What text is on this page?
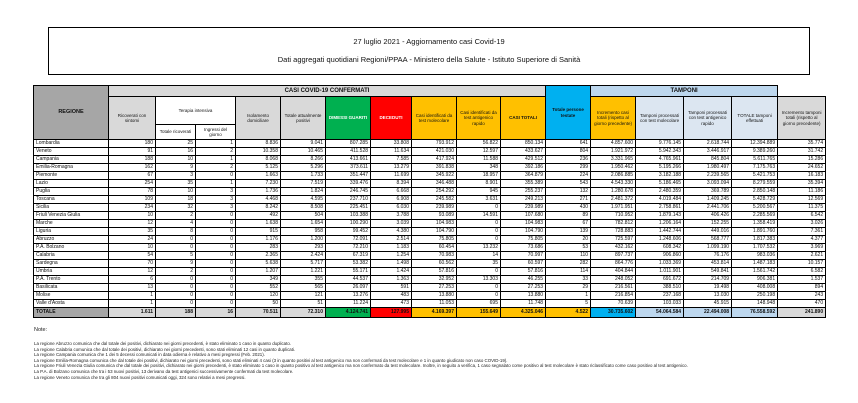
27 luglio 2021 - Aggiornamento casi Covid-19
Dati aggregati quotidiani Regioni/PPAA - Ministero della Salute - Istituto Superiore di Sanità
REGIONE	CASI COVID-19 CONFERMATI										Totale persone testate	TAMPONI				
	Ricoverati con sintomi	Terapia intensiva		Isolamento domiciliare	Totale attualmente positivi	DIMESSI GUARITI	DECEDUTI	Casi identificati da test molecolare	Casi identificati da test antigenico rapido	CASI TOTALI		Incremento casi totali (rispetto al giorno precedente)	Tamponi processati con test molecolare	Tamponi processati con test antigenico rapido	TOTALE tamponi effettuati	Incremento tamponi totali (rispetto al giorno precedente)
		Totale ricoverati	Ingressi del giorno													
Lombardia	180	25	1	8.836	9.041	807.285	33.808	793.912	56.822	850.134	641	4.857.600	9.776.145	2.618.744	12.394.889	35.774
Veneto	91	16	2	10.358	10.465	411.528	11.634	421.030	12.597	433.627	804	1.921.972	5.942.343	3.446.917	9.389.260	31.742
Campania	188	10	1	8.068	8.266	413.661	7.585	417.924	11.588	429.512	236	3.331.965	4.765.961	845.804	5.611.765	15.286
Emilia-Romagna	162	9	2	5.125	5.296	373.611	13.279	391.838	348	392.186	299	1.950.462	5.195.266	1.980.497	7.175.763	24.652
Piemonte	67	3	0	1.663	1.733	351.447	11.699	345.922	18.957	364.879	224	2.086.885	3.182.188	2.239.565	5.421.753	16.183
Lazio	254	35	1	7.230	7.519	339.476	8.394	346.488	8.901	355.389	543	4.543.330	5.186.465	3.093.094	8.279.559	35.394
Puglia	78	10	3	1.736	1.824	246.745	6.668	254.292	945	255.237	132	1.280.678	2.480.359	369.789	2.850.148	11.186
Toscana	109	18	3	4.468	4.595	237.710	6.908	245.582	3.631	249.213	271	2.481.372	4.019.484	1.409.245	5.428.729	12.569
Sicilia	234	32	3	8.242	8.508	225.451	6.030	239.989	0	239.989	430	1.971.951	2.758.861	2.441.706	5.200.567	11.375
Friuli Venezia Giulia	10	2	0	492	504	103.388	3.788	93.089	14.591	107.680	89	710.952	1.879.143	406.426	2.285.569	6.542
Marche	12	4	0	1.638	1.654	100.290	3.039	104.983	0	104.983	67	782.812	1.206.164	152.255	1.358.419	3.026
Liguria	35	8	0	915	958	99.452	4.380	104.790	0	104.790	139	728.883	1.442.744	449.016	1.891.760	7.361
Abruzzo	24	0	0	1.176	1.200	72.091	2.514	75.805	0	75.805	20	725.597	1.248.606	568.777	1.817.383	4.377
P.A. Bolzano	10	0	0	283	293	72.210	1.183	60.454	13.232	73.686	53	432.162	608.342	1.099.190	1.707.532	3.969
Calabria	54	5	0	2.365	2.424	67.319	1.254	70.983	14	70.997	110	897.737	906.860	76.176	983.036	2.621
Sardegna	70	9	0	5.638	5.717	53.382	1.498	60.562	35	60.597	282	864.776	1.033.369	453.814	1.487.183	10.157
Umbria	12	2	0	1.207	1.221	55.171	1.424	57.816	0	57.816	114	404.844	1.011.901	549.841	1.561.742	6.582
P.A. Trento	6	0	0	349	355	44.537	1.363	32.952	13.303	46.255	33	248.052	691.672	214.709	906.381	1.537
Basilicata	13	0	0	552	565	26.097	591	27.253	0	27.253	29	216.561	388.510	19.498	408.008	894
Molise	1	0	0	120	121	13.276	483	13.880	0	13.880	1	216.854	237.168	13.030	250.198	243
Valle d'Aosta	1	0	0	50	51	11.224	473	11.053	695	11.748	5	70.639	103.033	45.915	148.948	470
TOTALE	1.611	188	16	70.511	72.310	4.124.741	127.995	4.169.397	155.649	4.325.046	4.522	30.735.602	54.064.584	22.494.008	76.558.592	241.890
Note:
La regione Abruzzo comunica che dal totale dei positivi, dichiarato nei giorni precedenti, è stato eliminato 1 caso in quanto duplicato.
La regione Calabria comunica che dal totale dei positivi, dichiarato nei giorni precedenti, sono stati eliminati 12 casi in quanto duplicati.
La regione Campania comunica che 1 dei 5 decessi comunicati in data odierna è relativo a mesi pregressi (Feb. 2021).
La regione Emilia-Romagna comunica che dal totale dei positivi, dichiarato nei giorni precedenti, sono stati eliminati 4 casi (3 in quanto positivi al test antigenico ma non confermati da test molecolare e 1 in quanto giudicato non caso COVID-19).
La regione Friuli Venezia Giulia comunica che dal totale dei positivi, dichiarato nei giorni precedenti, è stato eliminato 1 caso in quanto positivo al test antigenico ma non confermato da test molecolare. Inoltre, in seguito a verifica, 1 caso segnalato come positivo al test molecolare è stato riclassificato come caso positivo al test antigenico.
La P.A. di Bolzano comunica che tra i 53 nuovi positivi, 13 derivano da test antigenici successivamente confermati da test molecolare.
La regione Veneto comunica che tra gli 804 nuovi positivi comunicati oggi, 324 sono relativi a mesi pregressi.
